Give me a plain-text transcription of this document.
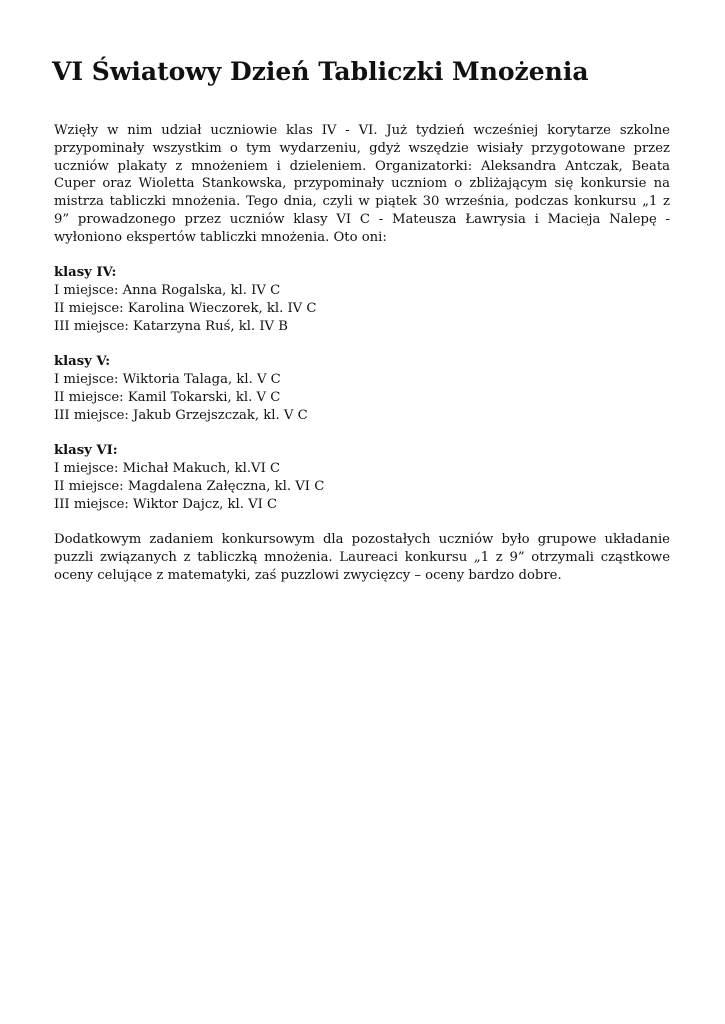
VI Światowy Dzień Tabliczki Mnożenia

Wzięły w nim udział uczniowie klas IV - VI. Już tydzień wcześniej korytarze szkolne przypominały wszystkim o tym wydarzeniu, gdyż wszędzie wisiały przygotowane przez uczniów plakaty z mnożeniem i dzieleniem. Organizatorki: Aleksandra Antczak, Beata Cuper oraz Wioletta Stankowska, przypominały uczniom o zbliżającym się konkursie na mistrza tabliczki mnożenia. Tego dnia, czyli w piątek 30 września, podczas konkursu „1 z 9” prowadzonego przez uczniów klasy VI C - Mateusza Ławrysia i Macieja Nalepę - wyłoniono ekspertów tabliczki mnożenia. Oto oni:

klasy IV:
I miejsce: Anna Rogalska, kl. IV C
II miejsce: Karolina Wieczorek, kl. IV C
III miejsce: Katarzyna Ruś, kl. IV B
klasy V:
I miejsce: Wiktoria Talaga, kl. V C
II miejsce: Kamil Tokarski, kl. V C
III miejsce: Jakub Grzejszczak, kl. V C
klasy VI:
I miejsce: Michał Makuch, kl.VI C
II miejsce: Magdalena Załęczna, kl. VI C
III miejsce: Wiktor Dajcz, kl. VI C

Dodatkowym zadaniem konkursowym dla pozostałych uczniów było grupowe układanie puzzli związanych z tabliczką mnożenia. Laureaci konkursu „1 z 9” otrzymali cząstkowe oceny celujące z matematyki, zaś puzzlowi zwycięzcy – oceny bardzo dobre.
